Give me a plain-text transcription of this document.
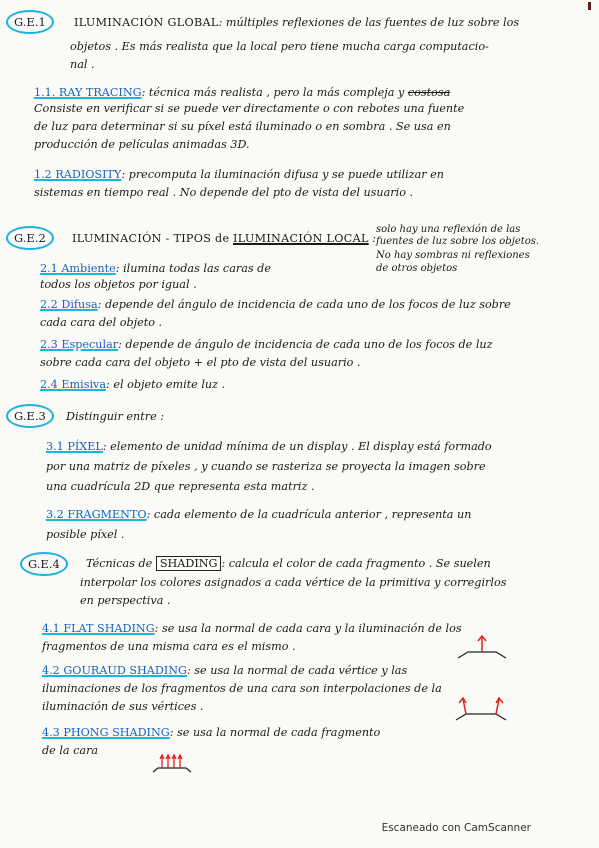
G.E.1	ILUMINACIÓN GLOBAL: múltiples reflexiones de las fuentes de luz sobre los
objetos . Es más realista que la local pero tiene mucha carga computacio-
nal .
1.1. RAY TRACING: técnica más realista , pero la más compleja y costosa
Consiste en verificar si se puede ver directamente o con rebotes una fuente
de luz para determinar si su píxel está iluminado o en sombra . Se usa en
producción de películas animadas 3D.
1.2 RADIOSITY: precomputa la iluminación difusa y se puede utilizar en
sistemas en tiempo real . No depende del pto de vista del usuario .
G.E.2	ILUMINACIÓN - TIPOS de ILUMINACIÓN LOCAL :
solo hay una reflexión de las
fuentes de luz sobre los objetos.
No hay sombras ni reflexiones
de otros objetos
2.1 Ambiente: ilumina todas las caras de
todos los objetos por igual .
2.2 Difusa: depende del ángulo de incidencia de cada uno de los focos de luz sobre
cada cara del objeto .
2.3 Especular: depende de ángulo de incidencia de cada uno de los focos de luz
sobre cada cara del objeto + el pto de vista del usuario .
2.4 Emisiva: el objeto emite luz .
G.E.3	Distinguir entre :
3.1 PÍXEL: elemento de unidad mínima de un display . El display está formado
por una matriz de píxeles , y cuando se rasteriza se proyecta la imagen sobre
una cuadrícula 2D que representa esta matriz .
3.2 FRAGMENTO: cada elemento de la cuadrícula anterior , representa un
posible píxel .
G.E.4	Técnicas de SHADING : calcula el color de cada fragmento . Se suelen
interpolar los colores asignados a cada vértice de la primitiva y corregirlos
en perspectiva .
4.1 FLAT SHADING: se usa la normal de cada cara y la iluminación de los
fragmentos de una misma cara es el mismo .
4.2 GOURAUD SHADING: se usa la normal de cada vértice y las
iluminaciones de los fragmentos de una cara son interpolaciones de la
iluminación de sus vértices .
4.3 PHONG SHADING: se usa la normal de cada fragmento
de la cara
Escaneado con CamScanner
